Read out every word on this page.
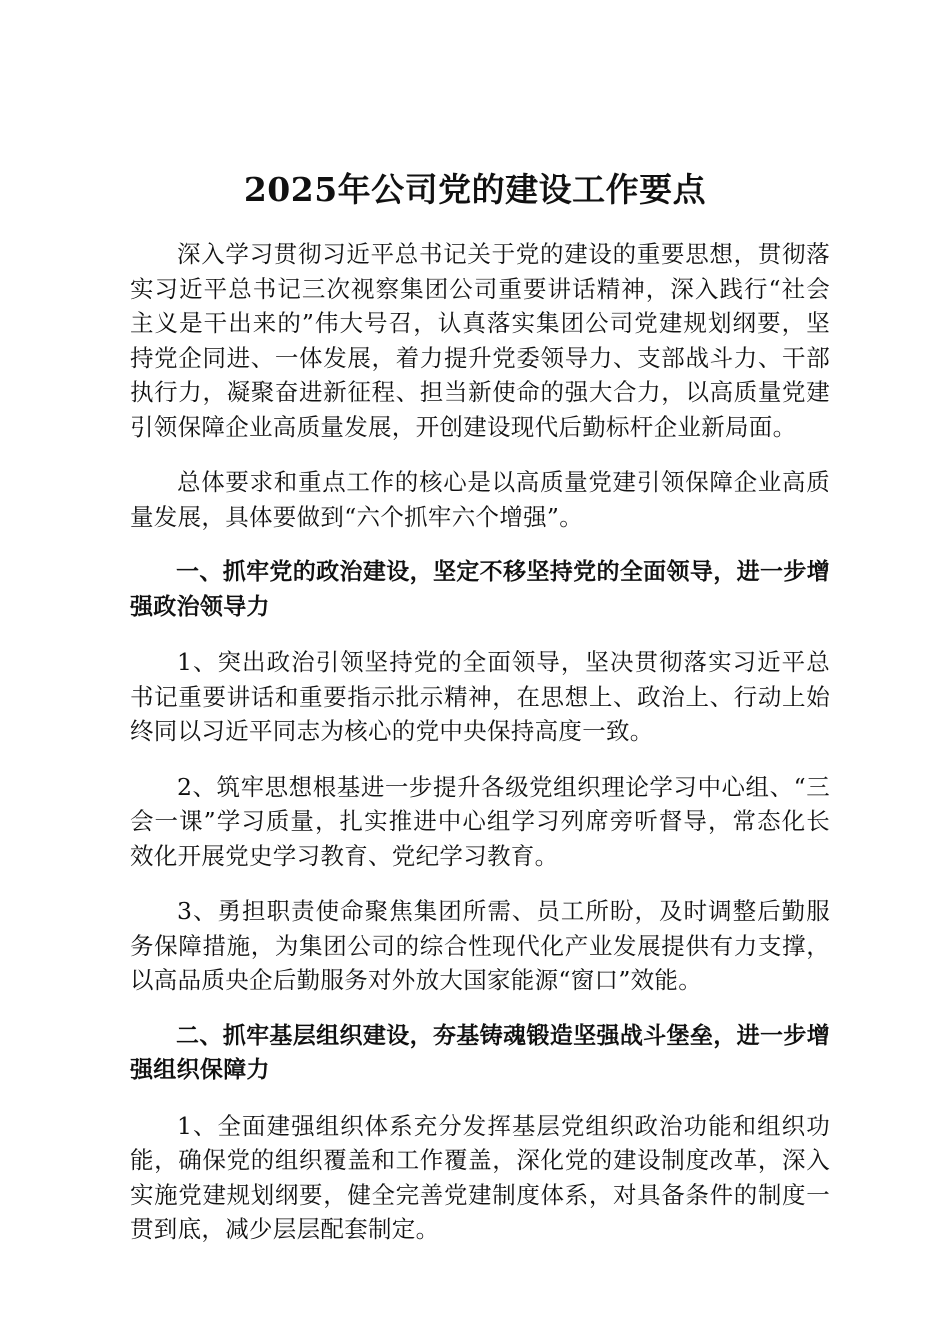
2025年公司党的建设工作要点

深入学习贯彻习近平总书记关于党的建设的重要思想，贯彻落实习近平总书记三次视察集团公司重要讲话精神，深入践行“社会主义是干出来的”伟大号召，认真落实集团公司党建规划纲要，坚持党企同进、一体发展，着力提升党委领导力、支部战斗力、干部执行力，凝聚奋进新征程、担当新使命的强大合力，以高质量党建引领保障企业高质量发展，开创建设现代后勤标杆企业新局面。

总体要求和重点工作的核心是以高质量党建引领保障企业高质量发展，具体要做到“六个抓牢六个增强”。

一、抓牢党的政治建设，坚定不移坚持党的全面领导，进一步增强政治领导力

1、突出政治引领坚持党的全面领导，坚决贯彻落实习近平总书记重要讲话和重要指示批示精神，在思想上、政治上、行动上始终同以习近平同志为核心的党中央保持高度一致。

2、筑牢思想根基进一步提升各级党组织理论学习中心组、“三会一课”学习质量，扎实推进中心组学习列席旁听督导，常态化长效化开展党史学习教育、党纪学习教育。

3、勇担职责使命聚焦集团所需、员工所盼，及时调整后勤服务保障措施，为集团公司的综合性现代化产业发展提供有力支撑，以高品质央企后勤服务对外放大国家能源“窗口”效能。

二、抓牢基层组织建设，夯基铸魂锻造坚强战斗堡垒，进一步增强组织保障力

1、全面建强组织体系充分发挥基层党组织政治功能和组织功能，确保党的组织覆盖和工作覆盖，深化党的建设制度改革，深入实施党建规划纲要，健全完善党建制度体系，对具备条件的制度一贯到底，减少层层配套制定。
